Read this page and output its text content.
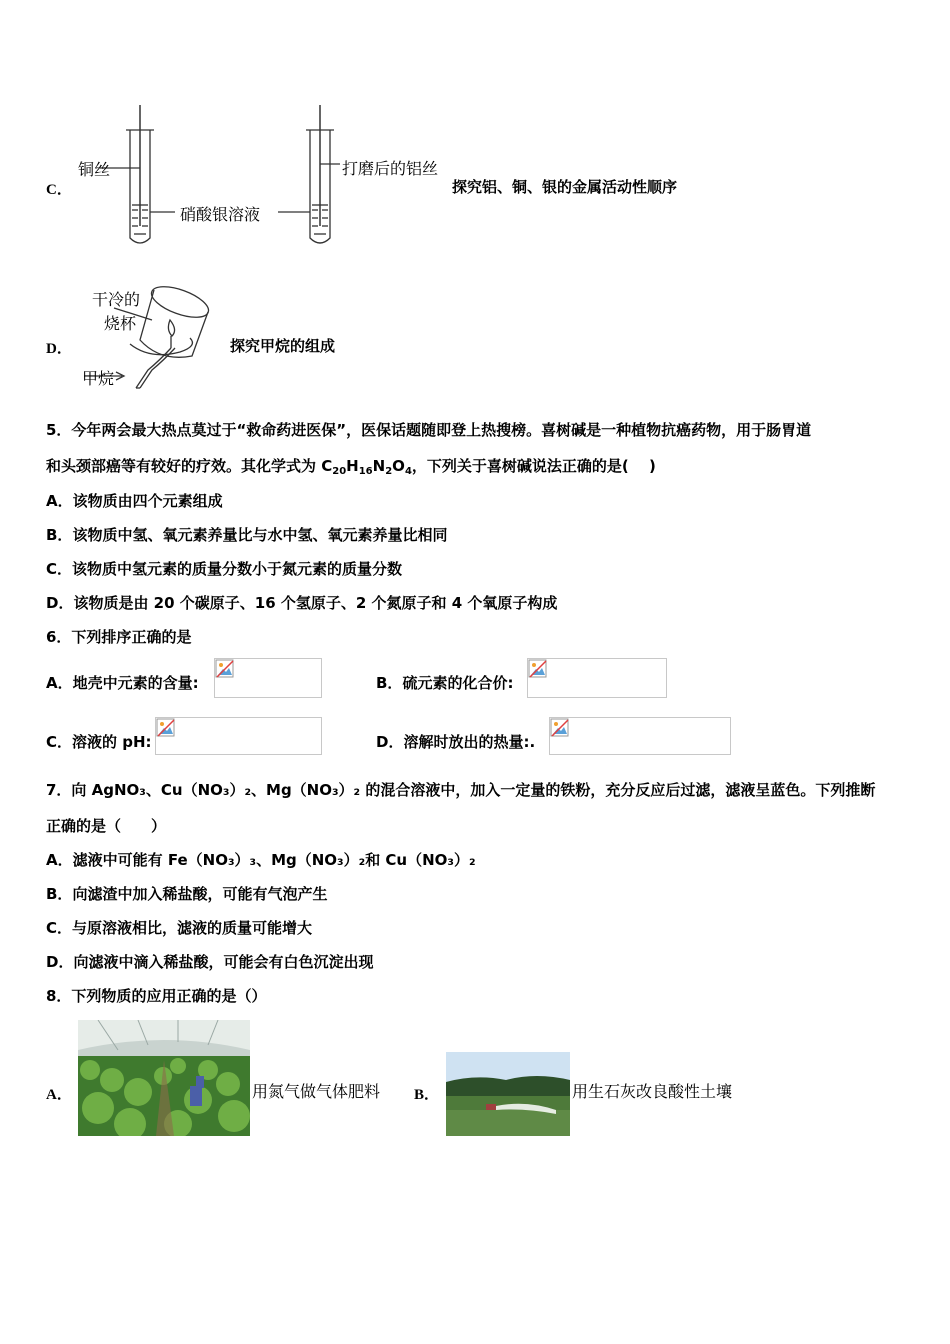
C．
铜丝	打磨后的铝丝
硝酸银溶液
探究铝、铜、银的金属活动性顺序
D．
干冷的
烧杯
甲烷
探究甲烷的组成
5．今年两会最大热点莫过于“救命药进医保”，医保话题随即登上热搜榜。喜树碱是一种植物抗癌药物，用于肠胃道
和头颈部癌等有较好的疗效。其化学式为 $C_{20}H_{16}N_2O_4$，下列关于喜树碱说法正确的是(　 )
A．该物质由四个元素组成
B．该物质中氢、氧元素养量比与水中氢、氧元素养量比相同
C．该物质中氢元素的质量分数小于氮元素的质量分数
D．该物质是由 20 个碳原子、16 个氢原子、2 个氮原子和 4 个氧原子构成
6．下列排序正确的是
A．地壳中元素的含量:	B．硫元素的化合价:
C．溶液的 pH:	D．溶解时放出的热量:.
7．向 AgNO₃、Cu（NO₃）₂、Mg（NO₃）₂ 的混合溶液中，加入一定量的铁粉，充分反应后过滤，滤液呈蓝色。下列推断
正确的是（　　）
A．滤液中可能有 Fe（NO₃）₃、Mg（NO₃）₂和 Cu（NO₃）₂
B．向滤渣中加入稀盐酸，可能有气泡产生
C．与原溶液相比，滤液的质量可能增大
D．向滤液中滴入稀盐酸，可能会有白色沉淀出现
8．下列物质的应用正确的是（）
A．	用氮气做气体肥料 B．	用生石灰改良酸性土壤
